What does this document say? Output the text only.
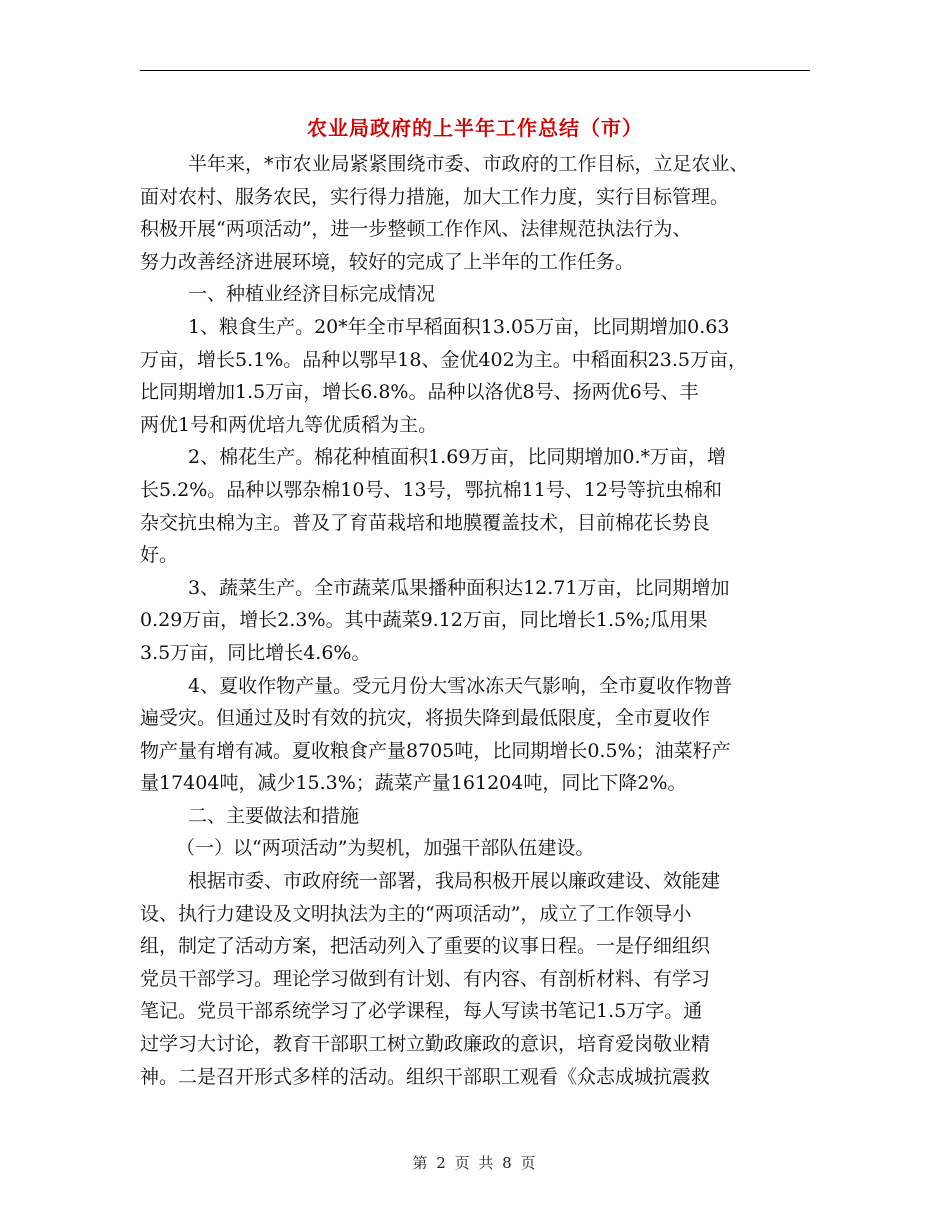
农业局政府的上半年工作总结（市）
半年来，*市农业局紧紧围绕市委、市政府的工作目标，立足农业、
面对农村、服务农民，实行得力措施，加大工作力度，实行目标管理。
积极开展“两项活动”，进一步整顿工作作风、法律规范执法行为、
努力改善经济进展环境，较好的完成了上半年的工作任务。
一、种植业经济目标完成情况
1、粮食生产。20*年全市早稻面积13.05万亩，比同期增加0.63
万亩，增长5.1%。品种以鄂早18、金优402为主。中稻面积23.5万亩，
比同期增加1.5万亩，增长6.8%。品种以洛优8号、扬两优6号、丰
两优1号和两优培九等优质稻为主。
2、棉花生产。棉花种植面积1.69万亩，比同期增加0.*万亩，增
长5.2%。品种以鄂杂棉10号、13号，鄂抗棉11号、12号等抗虫棉和
杂交抗虫棉为主。普及了育苗栽培和地膜覆盖技术，目前棉花长势良
好。
3、蔬菜生产。全市蔬菜瓜果播种面积达12.71万亩，比同期增加
0.29万亩，增长2.3%。其中蔬菜9.12万亩，同比增长1.5%;瓜用果
3.5万亩，同比增长4.6%。
4、夏收作物产量。受元月份大雪冰冻天气影响，全市夏收作物普
遍受灾。但通过及时有效的抗灾，将损失降到最低限度，全市夏收作
物产量有增有减。夏收粮食产量8705吨，比同期增长0.5%；油菜籽产
量17404吨，减少15.3%；蔬菜产量161204吨，同比下降2%。
二、主要做法和措施
（一）以“两项活动”为契机，加强干部队伍建设。
根据市委、市政府统一部署，我局积极开展以廉政建设、效能建
设、执行力建设及文明执法为主的“两项活动”，成立了工作领导小
组，制定了活动方案，把活动列入了重要的议事日程。一是仔细组织
党员干部学习。理论学习做到有计划、有内容、有剖析材料、有学习
笔记。党员干部系统学习了必学课程，每人写读书笔记1.5万字。通
过学习大讨论，教育干部职工树立勤政廉政的意识，培育爱岗敬业精
神。二是召开形式多样的活动。组织干部职工观看《众志成城抗震救
第 2 页 共 8 页
